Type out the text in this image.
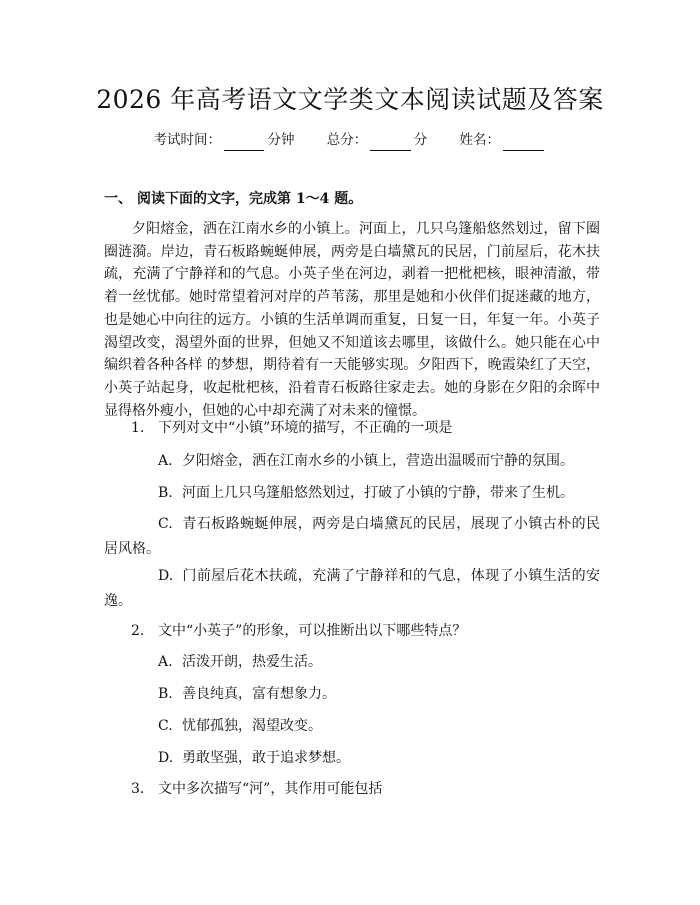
2026 年高考语文文学类文本阅读试题及答案
考试时间：	分钟 总分：	分 姓名：
一、 阅读下面的文字，完成第 1～4 题。
夕阳熔金，洒在江南水乡的小镇上。河面上，几只乌篷船悠然划过，留下圈圈涟漪。岸边，青石板路蜿蜒伸展，两旁是白墙黛瓦的民居，门前屋后，花木扶疏，充满了宁静祥和的气息。小英子坐在河边，剥着一把枇杷核，眼神清澈，带着一丝忧郁。她时常望着河对岸的芦苇荡，那里是她和小伙伴们捉迷藏的地方，也是她心中向往的远方。小镇的生活单调而重复，日复一日，年复一年。小英子渴望改变，渴望外面的世界，但她又不知道该去哪里，该做什么。她只能在心中编织着各种各样 的梦想，期待着有一天能够实现。夕阳西下，晚霞染红了天空，小英子站起身，收起枇杷核，沿着青石板路往家走去。她的身影在夕阳的余晖中显得格外瘦小，但她的心中却充满了对未来的憧憬。
1. 下列对文中“小镇”环境的描写，不正确的一项是
A. 夕阳熔金，洒在江南水乡的小镇上，营造出温暖而宁静的氛围。
B. 河面上几只乌篷船悠然划过，打破了小镇的宁静，带来了生机。
C. 青石板路蜿蜒伸展，两旁是白墙黛瓦的民居，展现了小镇古朴的民居风格。
D. 门前屋后花木扶疏，充满了宁静祥和的气息，体现了小镇生活的安逸。
2. 文中“小英子”的形象，可以推断出以下哪些特点？
A. 活泼开朗，热爱生活。
B. 善良纯真，富有想象力。
C. 忧郁孤独，渴望改变。
D. 勇敢坚强，敢于追求梦想。
3. 文中多次描写“河”，其作用可能包括
